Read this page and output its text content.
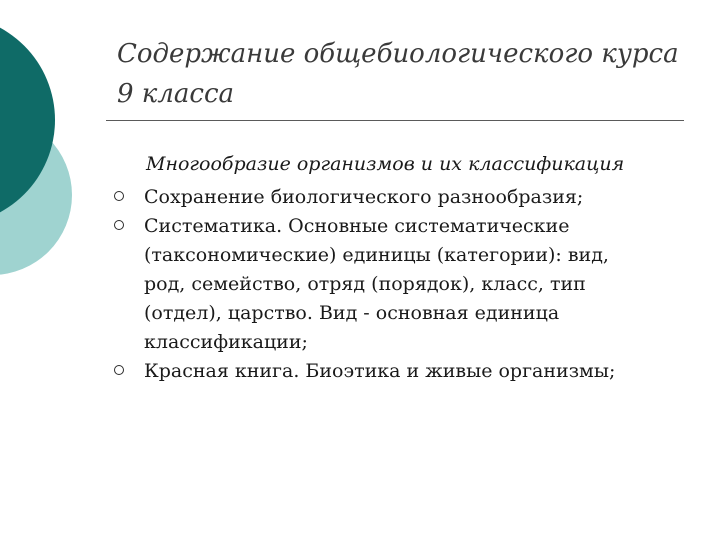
Содержание общебиологического курса
9 класса
Многообразие организмов и их классификация
Сохранение биологического разнообразия;
Систематика. Основные систематические
(таксономические) единицы (категории): вид,
род, семейство, отряд (порядок), класс, тип
(отдел), царство. Вид - основная единица
классификации;
Красная книга. Биоэтика и живые организмы;
